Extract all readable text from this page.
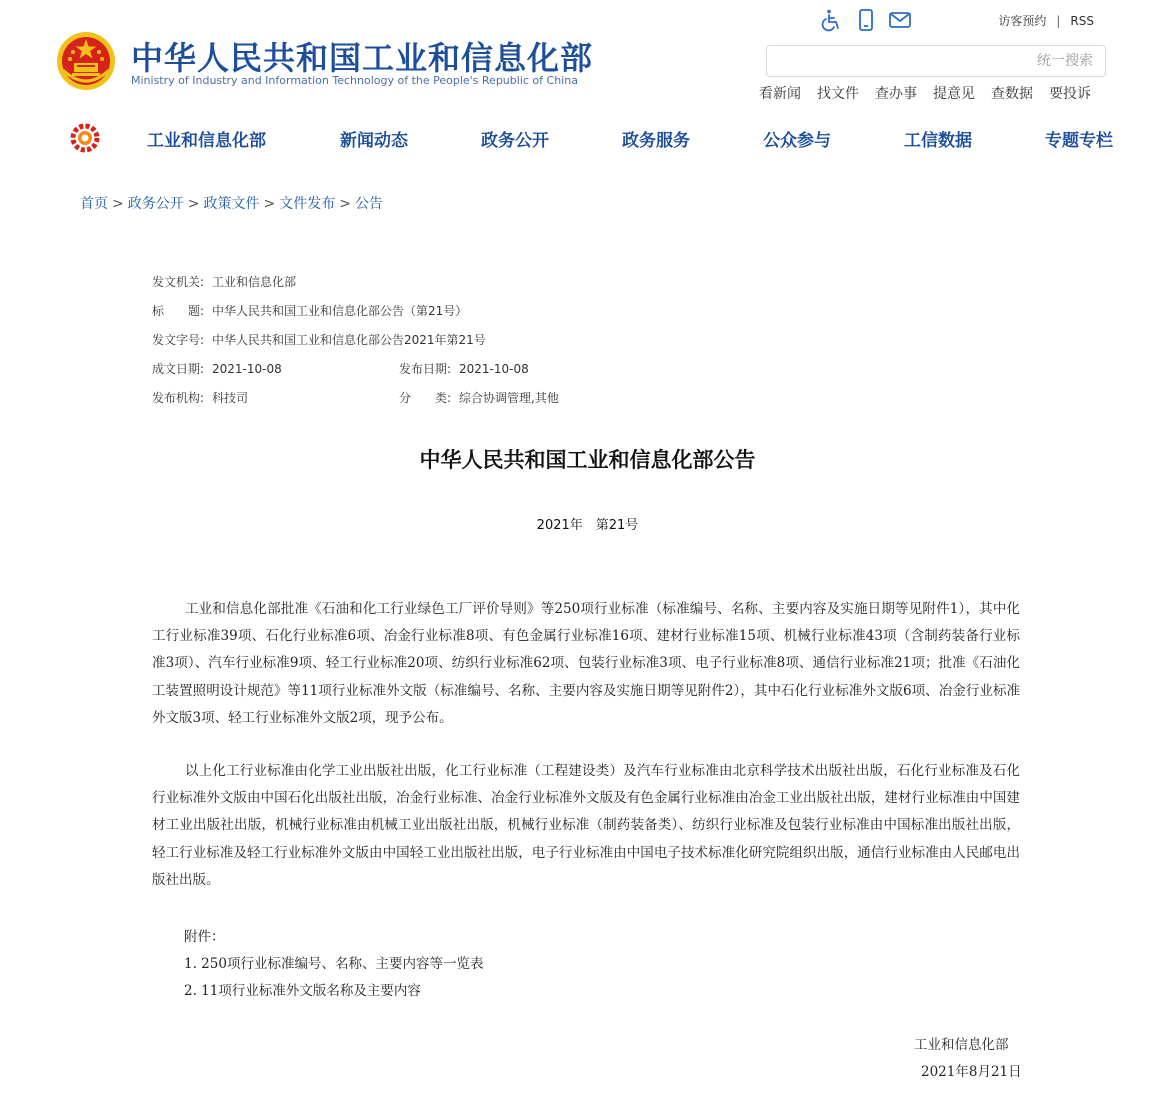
中华人民共和国工业和信息化部
Ministry of Industry and Information Technology of the People's Republic of China
访客预约 | RSS
统一搜索
看新闻 找文件 查办事 提意见 查数据 要投诉
工业和信息化部	新闻动态	政务公开	政务服务	公众参与	工信数据	专题专栏
首页 > 政务公开 > 政策文件 > 文件发布 > 公告
发文机关: 工业和信息化部
标　　题: 中华人民共和国工业和信息化部公告（第21号）
发文字号: 中华人民共和国工业和信息化部公告2021年第21号
成文日期: 2021-10-08	发布日期: 2021-10-08
发布机构: 科技司	分　　类: 综合协调管理,其他
中华人民共和国工业和信息化部公告
2021年　第21号
工业和信息化部批准《石油和化工行业绿色工厂评价导则》等250项行业标准（标准编号、名称、主要内容及实施日期等见附件1），其中化工行业标准39项、石化行业标准6项、冶金行业标准8项、有色金属行业标准16项、建材行业标准15项、机械行业标准43项（含制药装备行业标准3项）、汽车行业标准9项、轻工行业标准20项、纺织行业标准62项、包装行业标准3项、电子行业标准8项、通信行业标准21项；批准《石油化工装置照明设计规范》等11项行业标准外文版（标准编号、名称、主要内容及实施日期等见附件2），其中石化行业标准外文版6项、冶金行业标准外文版3项、轻工行业标准外文版2项，现予公布。
以上化工行业标准由化学工业出版社出版，化工行业标准（工程建设类）及汽车行业标准由北京科学技术出版社出版，石化行业标准及石化行业标准外文版由中国石化出版社出版，冶金行业标准、冶金行业标准外文版及有色金属行业标准由冶金工业出版社出版，建材行业标准由中国建材工业出版社出版，机械行业标准由机械工业出版社出版，机械行业标准（制药装备类）、纺织行业标准及包装行业标准由中国标准出版社出版，轻工行业标准及轻工行业标准外文版由中国轻工业出版社出版，电子行业标准由中国电子技术标准化研究院组织出版，通信行业标准由人民邮电出版社出版。
附件：
1. 250项行业标准编号、名称、主要内容等一览表
2. 11项行业标准外文版名称及主要内容
工业和信息化部
2021年8月21日
